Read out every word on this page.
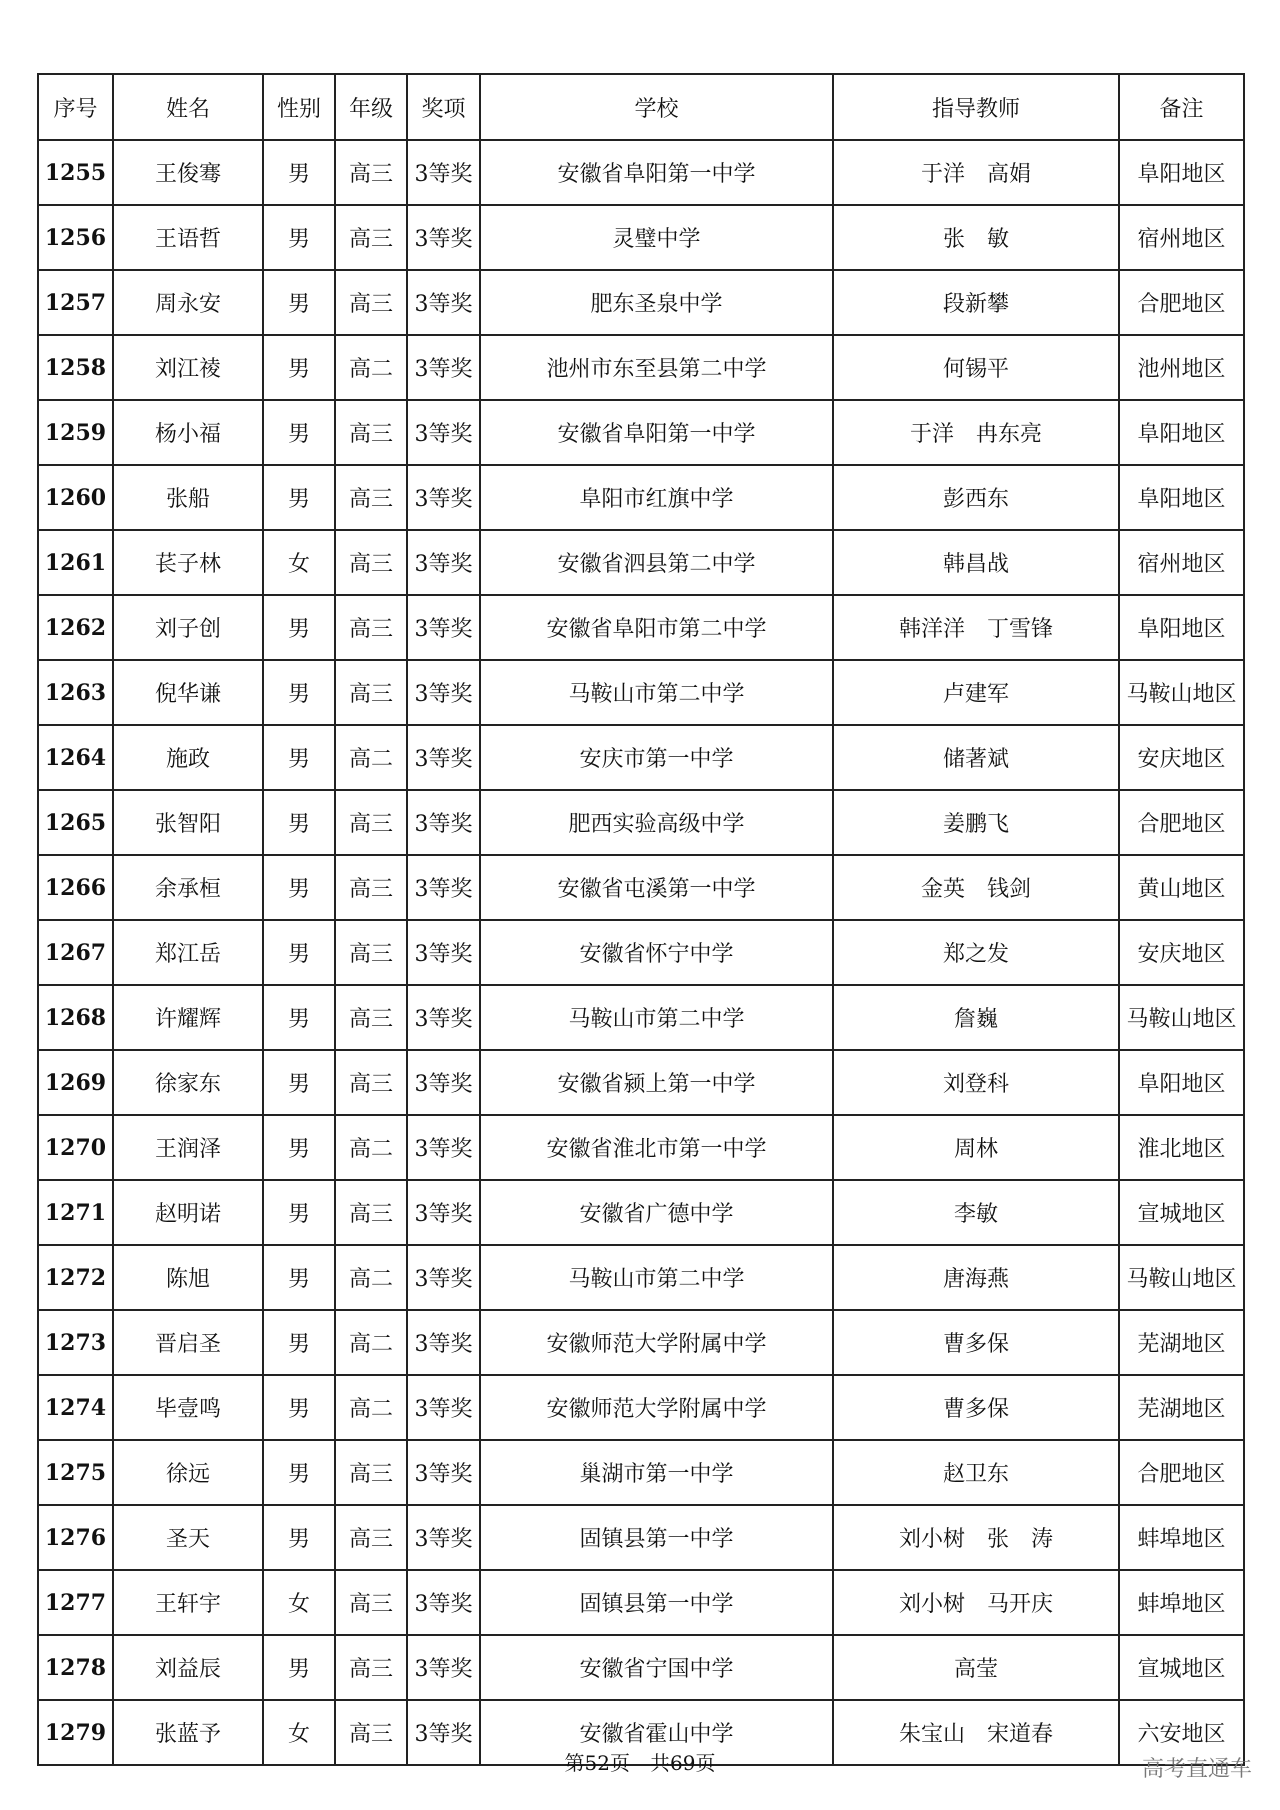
序号	姓名	性别	年级	奖项	学校	指导教师	备注
1255	王俊骞	男	高三	3等奖	安徽省阜阳第一中学	于洋　高娟	阜阳地区
1256	王语哲	男	高三	3等奖	灵璧中学	张　敏	宿州地区
1257	周永安	男	高三	3等奖	肥东圣泉中学	段新攀	合肥地区
1258	刘江祾	男	高二	3等奖	池州市东至县第二中学	何锡平	池州地区
1259	杨小福	男	高三	3等奖	安徽省阜阳第一中学	于洋　冉东亮	阜阳地区
1260	张船	男	高三	3等奖	阜阳市红旗中学	彭西东	阜阳地区
1261	苌子林	女	高三	3等奖	安徽省泗县第二中学	韩昌战	宿州地区
1262	刘子创	男	高三	3等奖	安徽省阜阳市第二中学	韩洋洋　丁雪锋	阜阳地区
1263	倪华谦	男	高三	3等奖	马鞍山市第二中学	卢建军	马鞍山地区
1264	施政	男	高二	3等奖	安庆市第一中学	储著斌	安庆地区
1265	张智阳	男	高三	3等奖	肥西实验高级中学	姜鹏飞	合肥地区
1266	余承桓	男	高三	3等奖	安徽省屯溪第一中学	金英　钱剑	黄山地区
1267	郑江岳	男	高三	3等奖	安徽省怀宁中学	郑之发	安庆地区
1268	许耀辉	男	高三	3等奖	马鞍山市第二中学	詹巍	马鞍山地区
1269	徐家东	男	高三	3等奖	安徽省颍上第一中学	刘登科	阜阳地区
1270	王润泽	男	高二	3等奖	安徽省淮北市第一中学	周林	淮北地区
1271	赵明诺	男	高三	3等奖	安徽省广德中学	李敏	宣城地区
1272	陈旭	男	高二	3等奖	马鞍山市第二中学	唐海燕	马鞍山地区
1273	晋启圣	男	高二	3等奖	安徽师范大学附属中学	曹多保	芜湖地区
1274	毕壹鸣	男	高二	3等奖	安徽师范大学附属中学	曹多保	芜湖地区
1275	徐远	男	高三	3等奖	巢湖市第一中学	赵卫东	合肥地区
1276	圣天	男	高三	3等奖	固镇县第一中学	刘小树　张　涛	蚌埠地区
1277	王轩宇	女	高三	3等奖	固镇县第一中学	刘小树　马开庆	蚌埠地区
1278	刘益辰	男	高三	3等奖	安徽省宁国中学	高莹	宣城地区
1279	张蓝予	女	高三	3等奖	安徽省霍山中学	朱宝山　宋道春	六安地区
第52页　共69页	高考直通车
